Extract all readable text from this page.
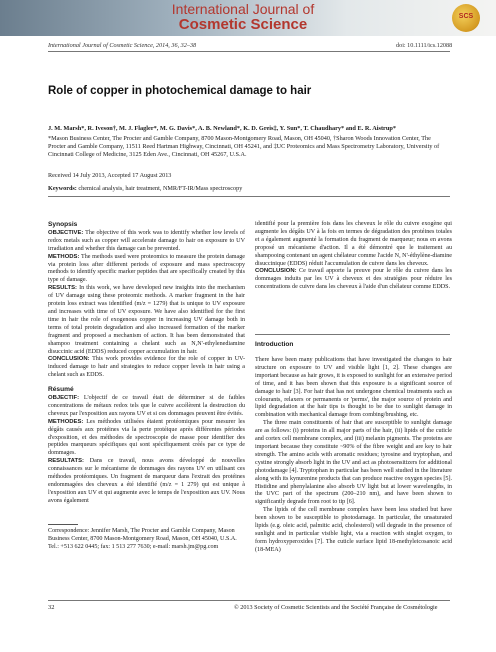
International Journal of
Cosmetic Science	SCS
International Journal of Cosmetic Science, 2014, 36, 32–38	doi: 10.1111/ics.12088
Role of copper in photochemical damage to hair
J. M. Marsh*, R. Iveson†, M. J. Flagler*, M. G. Davis*, A. B. Newland*, K. D. Greis‡, Y. Sun*, T. Chaudhary* and E. R. Aistrup*
*Mason Business Center, The Procter and Gamble Company, 8700 Mason-Montgomery Road, Mason, OH 45040, †Sharon Woods Innovation Center, The Procter and Gamble Company, 11511 Reed Hartman Highway, Cincinnati, OH 45241, and ‡UC Proteomics and Mass Spectrometry Laboratory, University of Cincinnati College of Medicine, 3125 Eden Ave., Cincinnati, OH 45267, U.S.A.
Received 14 July 2013, Accepted 17 August 2013
Keywords: chemical analysis, hair treatment, NMR/FT-IR/Mass spectroscopy
Synopsis
OBJECTIVE: The objective of this work was to identify whether low levels of redox metals such as copper will accelerate damage to hair on exposure to UV irradiation and whether this damage can be prevented.
METHODS: The methods used were proteomics to measure the protein damage via protein loss after different periods of exposure and mass spectroscopy methods to identify specific marker peptides that are specifically created by this type of damage.
RESULTS: In this work, we have developed new insights into the mechanism of UV damage using these proteomic methods. A marker fragment in the hair protein loss extract was identified (m/z = 1279) that is unique to UV exposure and increases with time of UV exposure. We have also identified for the first time in hair the role of exogenous copper in increasing UV damage both in terms of total protein degradation and also increased formation of the marker fragment and proposed a mechanism of action. It has been demonstrated that shampoo treatment containing a chelant such as N,N'-ethylenediamine disuccinic acid (EDDS) reduced copper accumulation in hair.
CONCLUSION: This work provides evidence for the role of copper in UV-induced damage to hair and strategies to reduce copper levels in hair using a chelant such as EDDS.
Résumé
OBJECTIF: L'objectif de ce travail était de déterminer si de faibles concentrations de métaux redox tels que le cuivre accélèrent la destruction du cheveux par l'exposition aux rayons UV et si ces dommages peuvent être évités.
METHODES: Les méthodes utilisées étaient protéomiques pour mesurer les dégâts causés aux protéines via la perte protéique après différentes périodes d'exposition, et des méthodes de spectroscopie de masse pour identifier des peptides marqueurs spécifiques qui sont spécifiquement créés par ce type de dommages.
RESULTATS: Dans ce travail, nous avons développé de nouvelles connaissances sur le mécanisme de dommages des rayons UV en utilisant ces méthodes protéomiques. Un fragment de marqueur dans l'extrait des protéines endommagées des cheveux a été identifié (m/z = 1 279) qui est unique à l'exposition aux UV et qui augmente avec le temps de l'exposition aux UV. Nous avons également
Correspondence: Jennifer Marsh, The Procter and Gamble Company, Mason Business Center, 8700 Mason-Montgomery Road, Mason, OH 45040, U.S.A. Tel.: +513 622 0445; fax: 1 513 277 7630; e-mail: marsh.jm@pg.com
identifié pour la première fois dans les cheveux le rôle du cuivre exogène qui augmente les dégâts UV à la fois en termes de dégradation des protéines totales et a également augmenté la formation du fragment de marqueur; nous en avons proposé un mécanisme d'action. Il a été démontré que le traitement au shampooing contenant un agent chélateur comme l'acide N, N'-éthylène-diamine disuccinique (EDDS) réduit l'accumulation de cuivre dans les cheveux.
CONCLUSION: Ce travail apporte la preuve pour le rôle du cuivre dans les dommages induits par les UV à cheveux et des stratégies pour réduire les concentrations de cuivre dans les cheveux à l'aide d'un chélateur comme EDDS.
Introduction
There have been many publications that have investigated the changes to hair structure on exposure to UV and visible light [1, 2]. These changes are important because as hair grows, it is exposed to sunlight for an extensive period of time, and it has been shown that this exposure is a significant source of damage to hair [3]. For hair that has not undergone chemical treatments such as colourants, relaxers or permanents or 'perms', the major source of protein and lipid degradation at the hair tips is thought to be due to sunlight damage in combination with mechanical damage from combing/brushing, etc.
The three main constituents of hair that are susceptible to sunlight damage are as follows: (i) proteins in all major parts of the hair, (ii) lipids of the cuticle and cortex cell membrane complex, and (iii) melanin pigments. The proteins are important because they constitute ~90% of the fibre weight and are key to hair strength. The amino acids with aromatic residues; tyrosine and tryptophan, and cystine strongly absorb light in the UV and act as photosensitizers for additional photodamage [4]. Tryptophan in particular has been well studied in the literature along with its kynurenine products that can produce reactive oxygen species [5]. Histidine and phenylalanine also absorb UV light but at lower wavelengths, in the UVC part of the spectrum (200–210 nm), and have been shown to significantly degrade from root to tip [6].
The lipids of the cell membrane complex have been less studied but have been shown to be susceptible to photodamage. In particular, the unsaturated lipids (e.g. oleic acid, palmitic acid, cholesterol) will degrade in the presence of sunlight and in particular visible light, via a reaction with singlet oxygen, to form hydroxyperoxides [7]. The cuticle surface lipid 18-methyleicosanoic acid (18-MEA)
32	© 2013 Society of Cosmetic Scientists and the Société Française de Cosmétologie
